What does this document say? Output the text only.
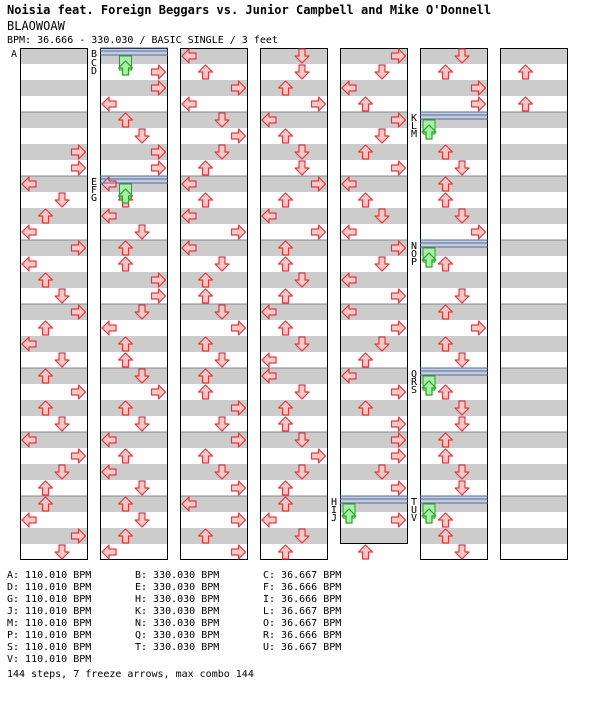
Noisia feat. Foreign Beggars vs. Junior Campbell and Mike O'Donnell
BLAOWOAW
BPM: 36.666 - 330.030 / BASIC SINGLE / 3 feet
A	B
C
D
E
F
G
H
I
J
K
L
M
N
O
P
Q
R
S
T
U
V
A: 110.010 BPM	B: 330.030 BPM	C: 36.667 BPM
D: 110.010 BPM	E: 330.030 BPM	F: 36.666 BPM
G: 110.010 BPM	H: 330.030 BPM	I: 36.666 BPM
J: 110.010 BPM	K: 330.030 BPM	L: 36.667 BPM
M: 110.010 BPM	N: 330.030 BPM	O: 36.667 BPM
P: 110.010 BPM	Q: 330.030 BPM	R: 36.666 BPM
S: 110.010 BPM	T: 330.030 BPM	U: 36.667 BPM
V: 110.010 BPM
144 steps, 7 freeze arrows, max combo 144
